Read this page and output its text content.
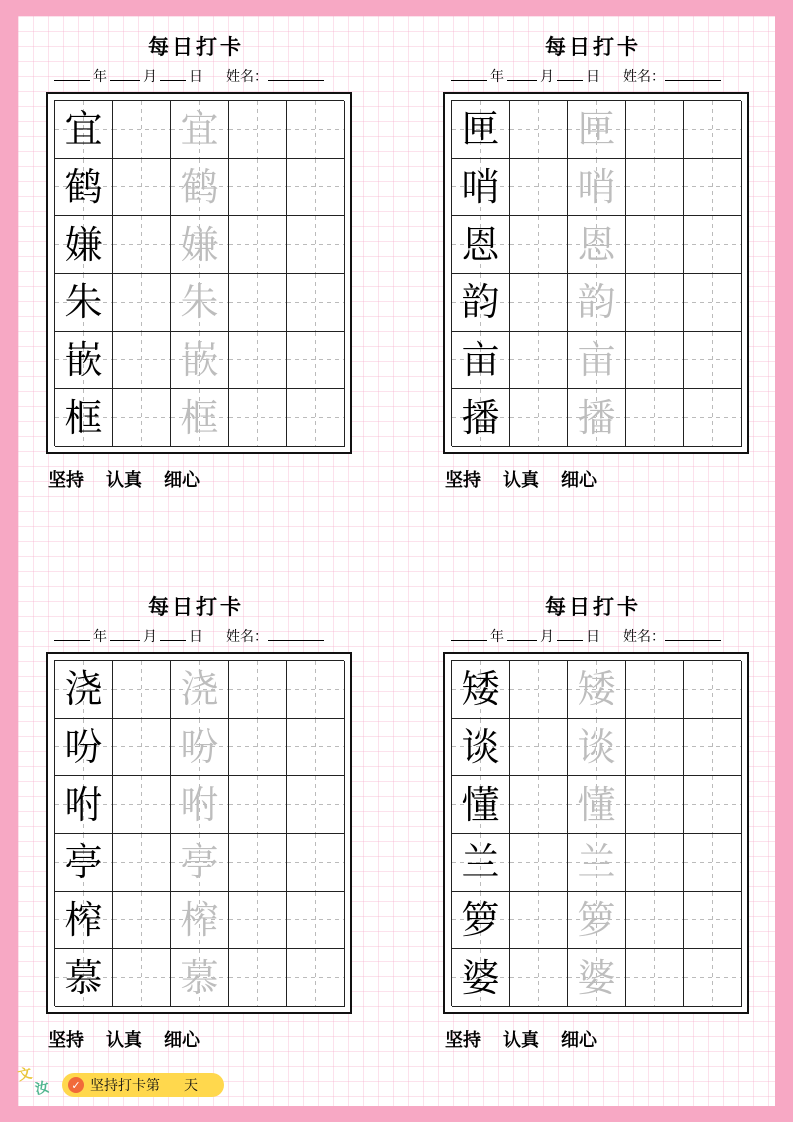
每日打卡
年	月 日 姓名：
宜 宜
鹤 鹤
嫌 嫌
朱 朱
嵌 嵌
框 框
坚持 认真 细心
每日打卡
年	月 日 姓名：
匣 匣
哨 哨
恩 恩
韵 韵
亩 亩
播 播
坚持 认真 细心
每日打卡
年	月 日 姓名：
浇 浇
吩 吩
咐 咐
亭 亭
榨 榨
慕 慕
坚持 认真 细心
每日打卡
年	月 日 姓名：
矮 矮
谈 谈
懂 懂
兰 兰
箩 箩
婆 婆
坚持 认真 细心
文
汝	✓ 坚持打卡第 天
